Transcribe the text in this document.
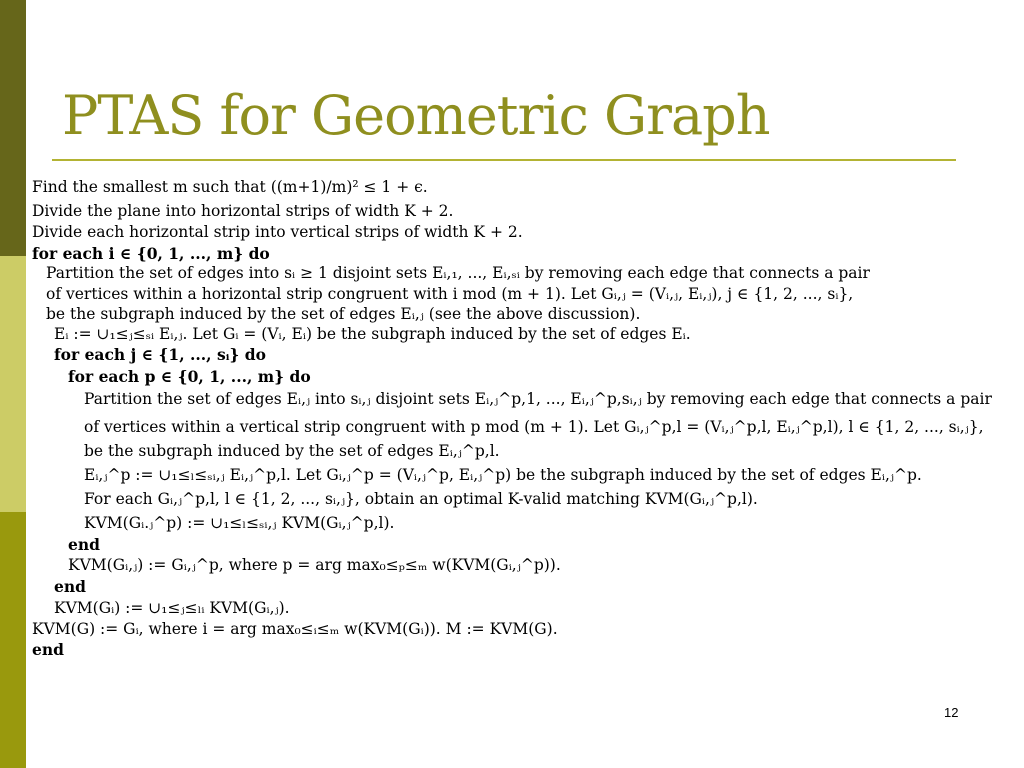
PTAS for Geometric Graph
Find the smallest m such that ((m+1)/m)² ≤ 1 + ϵ.
Divide the plane into horizontal strips of width K + 2.
Divide each horizontal strip into vertical strips of width K + 2.
for each i ∈ {0, 1, ..., m} do
Partition the set of edges into sᵢ ≥ 1 disjoint sets Eᵢ,₁, ..., Eᵢ,ₛᵢ by removing each edge that connects a pair
of vertices within a horizontal strip congruent with i mod (m + 1). Let Gᵢ,ⱼ = (Vᵢ,ⱼ, Eᵢ,ⱼ), j ∈ {1, 2, ..., sᵢ},
be the subgraph induced by the set of edges Eᵢ,ⱼ (see the above discussion).
Eᵢ := ∪₁≤ⱼ≤ₛᵢ Eᵢ,ⱼ. Let Gᵢ = (Vᵢ, Eᵢ) be the subgraph induced by the set of edges Eᵢ.
for each j ∈ {1, ..., sᵢ} do
for each p ∈ {0, 1, ..., m} do
Partition the set of edges Eᵢ,ⱼ into sᵢ,ⱼ disjoint sets Eᵢ,ⱼ^p,1, ..., Eᵢ,ⱼ^p,sᵢ,ⱼ by removing each edge that connects a pair
of vertices within a vertical strip congruent with p mod (m + 1). Let Gᵢ,ⱼ^p,l = (Vᵢ,ⱼ^p,l, Eᵢ,ⱼ^p,l), l ∈ {1, 2, ..., sᵢ,ⱼ},
be the subgraph induced by the set of edges Eᵢ,ⱼ^p,l.
Eᵢ,ⱼ^p := ∪₁≤ₗ≤ₛᵢ,ⱼ Eᵢ,ⱼ^p,l. Let Gᵢ,ⱼ^p = (Vᵢ,ⱼ^p, Eᵢ,ⱼ^p) be the subgraph induced by the set of edges Eᵢ,ⱼ^p.
For each Gᵢ,ⱼ^p,l, l ∈ {1, 2, ..., sᵢ,ⱼ}, obtain an optimal K-valid matching KVM(Gᵢ,ⱼ^p,l).
KVM(Gᵢ.ⱼ^p) := ∪₁≤ₗ≤ₛᵢ,ⱼ KVM(Gᵢ,ⱼ^p,l).
end
KVM(Gᵢ,ⱼ) := Gᵢ,ⱼ^p, where p = arg max₀≤ₚ≤ₘ w(KVM(Gᵢ,ⱼ^p)).
end
KVM(Gᵢ) := ∪₁≤ⱼ≤ₗᵢ KVM(Gᵢ,ⱼ).
KVM(G) := Gᵢ, where i = arg max₀≤ᵢ≤ₘ w(KVM(Gᵢ)). M := KVM(G).
end
12
